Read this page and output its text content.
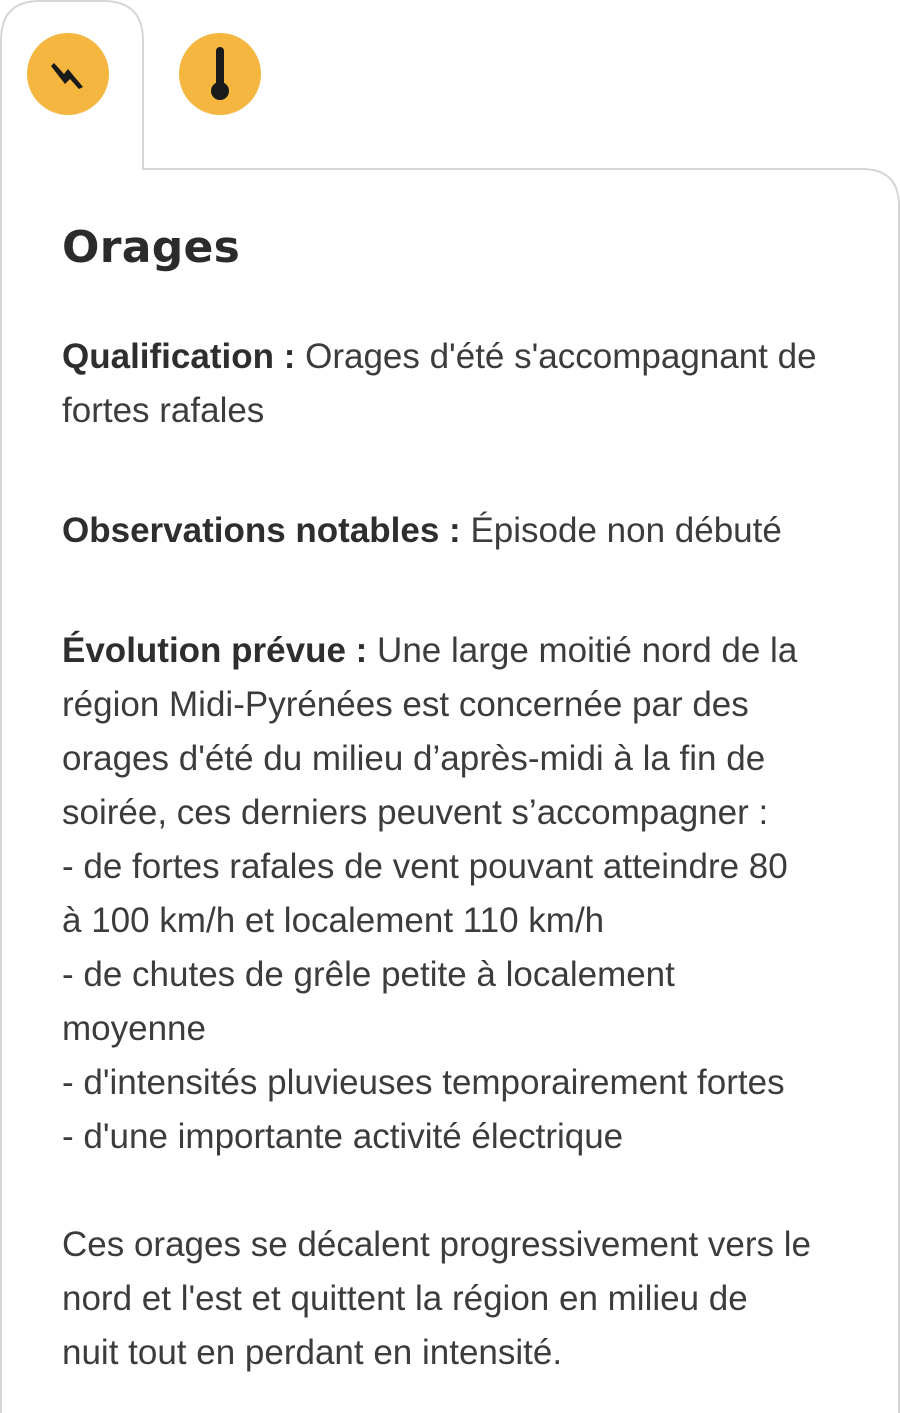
Orages

Qualification : Orages d'été s'accompagnant de
fortes rafales

Observations notables : Épisode non débuté

Évolution prévue : Une large moitié nord de la
région Midi-Pyrénées est concernée par des
orages d'été du milieu d’après-midi à la fin de
soirée, ces derniers peuvent s’accompagner :
- de fortes rafales de vent pouvant atteindre 80
à 100 km/h et localement 110 km/h
- de chutes de grêle petite à localement
moyenne
- d'intensités pluvieuses temporairement fortes
- d'une importante activité électrique

Ces orages se décalent progressivement vers le
nord et l'est et quittent la région en milieu de
nuit tout en perdant en intensité.
